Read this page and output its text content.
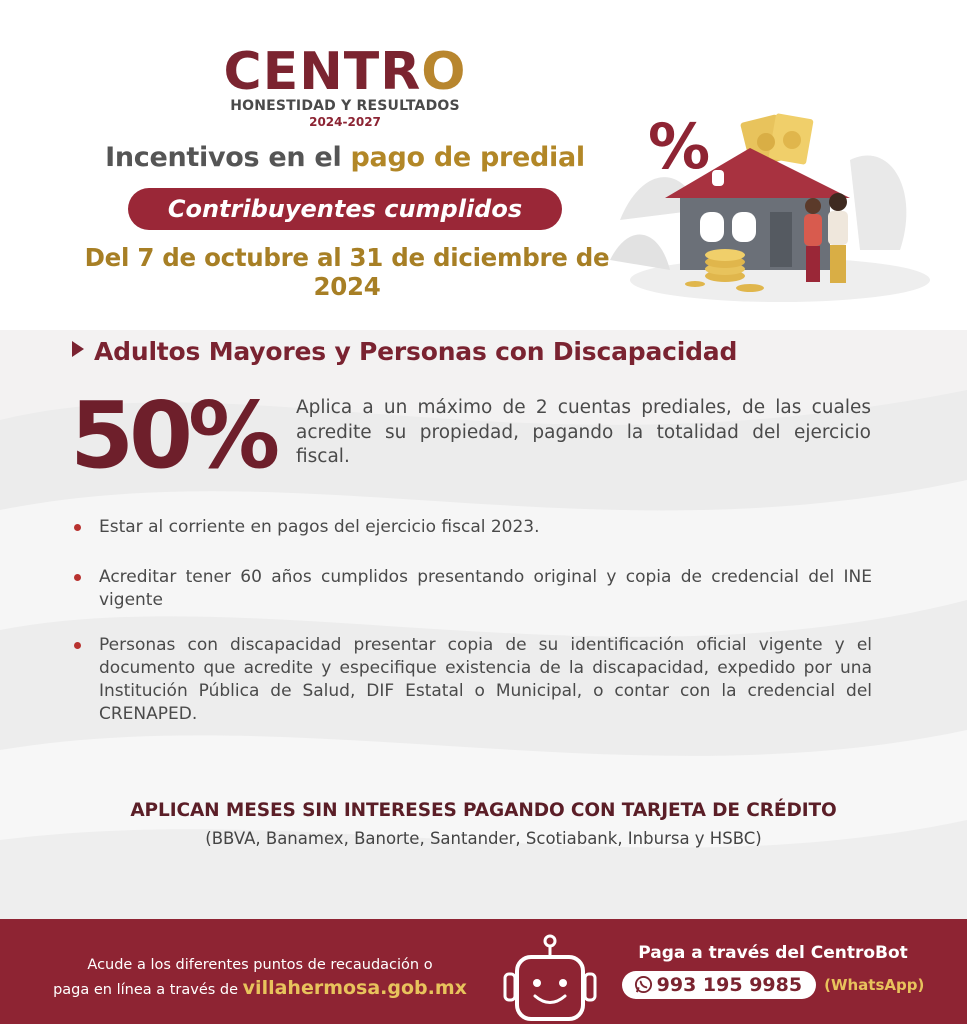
CENTRO
HONESTIDAD Y RESULTADOS
2024-2027
Incentivos en el pago de predial
Contribuyentes cumplidos
Del 7 de octubre al 31 de diciembre de 2024
%
Adultos Mayores y Personas con Discapacidad
50% Aplica a un máximo de 2 cuentas prediales, de las cuales acredite su propiedad, pagando la totalidad del ejercicio fiscal.
Estar al corriente en pagos del ejercicio fiscal 2023.
Acreditar tener 60 años cumplidos presentando original y copia de credencial del INE vigente
Personas con discapacidad presentar copia de su identificación oficial vigente y el documento que acredite y especifique existencia de la discapacidad, expedido por una Institución Pública de Salud, DIF Estatal o Municipal, o contar con la credencial del CRENAPED.
APLICAN MESES SIN INTERESES PAGANDO CON TARJETA DE CRÉDITO
(BBVA, Banamex, Banorte, Santander, Scotiabank, Inbursa y HSBC)
Acude a los diferentes puntos de recaudación o
paga en línea a través de villahermosa.gob.mx
Paga a través del CentroBot
993 195 9985 (WhatsApp)
